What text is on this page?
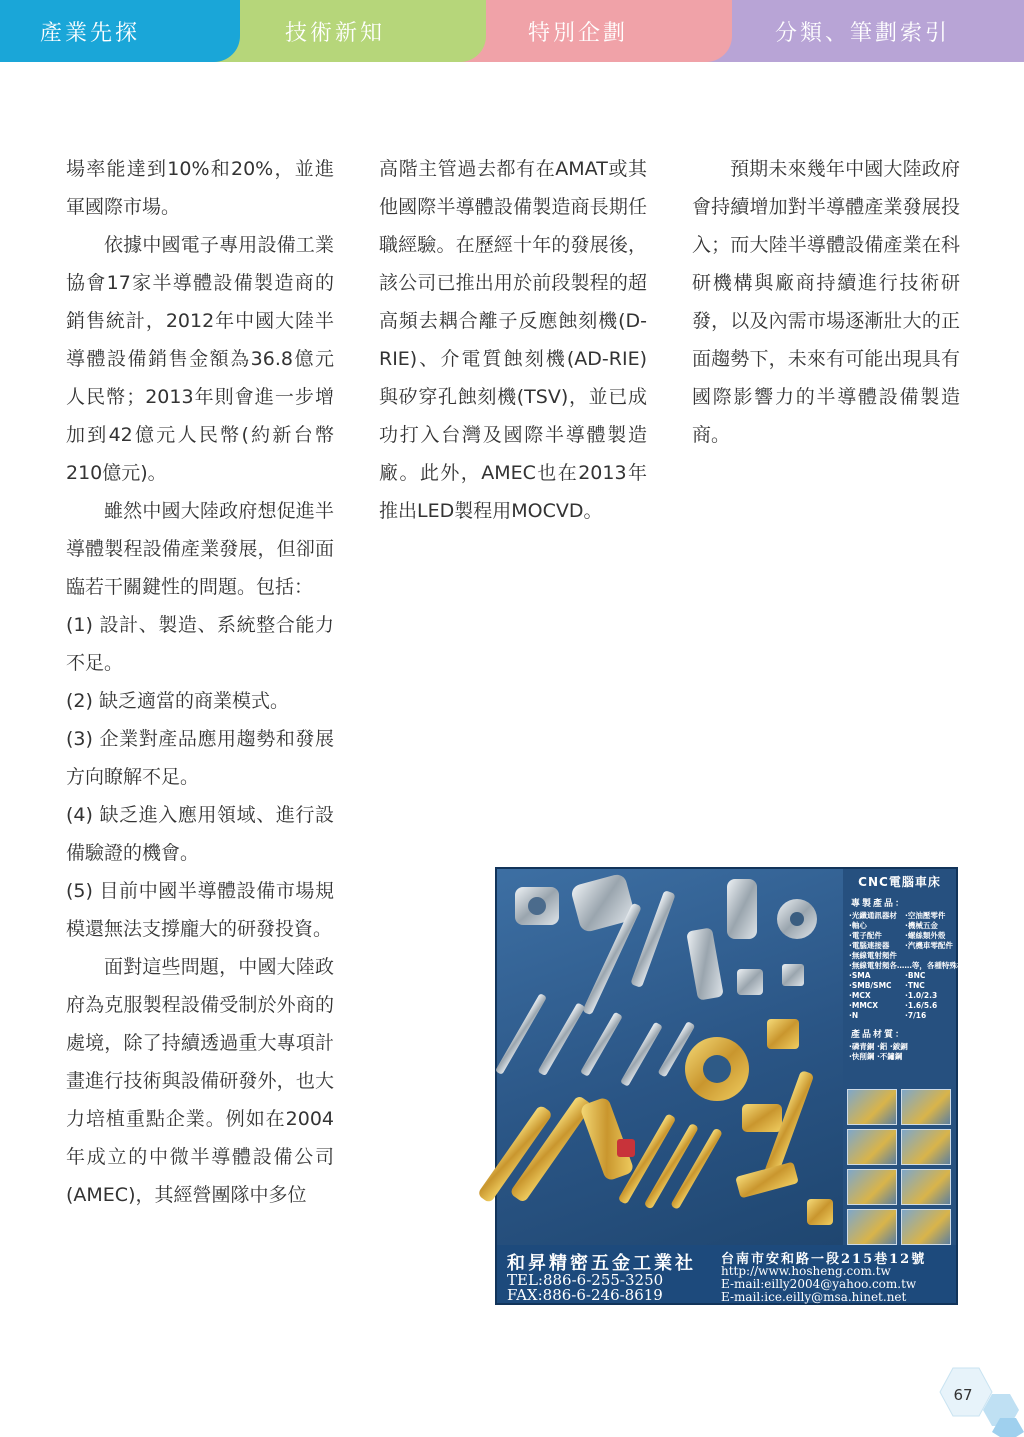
分類、筆劃索引
特別企劃
技術新知
產業先探

場率能達到10%和20%，並進軍國際市場。

依據中國電子專用設備工業協會17家半導體設備製造商的銷售統計，2012年中國大陸半導體設備銷售金額為36.8億元人民幣；2013年則會進一步增加到42億元人民幣(約新台幣210億元)。

雖然中國大陸政府想促進半導體製程設備產業發展，但卻面臨若干關鍵性的問題。包括：

(1) 設計、製造、系統整合能力不足。

(2) 缺乏適當的商業模式。

(3) 企業對產品應用趨勢和發展方向瞭解不足。

(4) 缺乏進入應用領域、進行設備驗證的機會。

(5) 目前中國半導體設備市場規模還無法支撐龐大的研發投資。

面對這些問題，中國大陸政府為克服製程設備受制於外商的處境，除了持續透過重大專項計畫進行技術與設備研發外，也大力培植重點企業。例如在2004年成立的中微半導體設備公司(AMEC)，其經營團隊中多位

高階主管過去都有在AMAT或其他國際半導體設備製造商長期任職經驗。在歷經十年的發展後，該公司已推出用於前段製程的超高頻去耦合離子反應蝕刻機(D-RIE)、介電質蝕刻機(AD-RIE)與矽穿孔蝕刻機(TSV)，並已成功打入台灣及國際半導體製造廠。此外，AMEC也在2013年推出LED製程用MOCVD。

預期未來幾年中國大陸政府會持續增加對半導體產業發展投入；而大陸半導體設備產業在科研機構與廠商持續進行技術研發，以及內需市場逐漸壯大的正面趨勢下，未來有可能出現具有國際影響力的半導體設備製造商。

CNC電腦車床
專製產品：
·光纖通訊器材	·空油壓零件
·軸心	·機械五金
·電子配件	·螺絲類外殼
·電腦連接器	·汽機車零配件
·無線電射頻件
·無線電射頻各……等，各種特殊材質
·SMA	·BNC
·SMB/SMC	·TNC
·MCX	·1.0/2.3
·MMCX	·1.6/5.6
·N	·7/16
產品材質：
·磷青銅 ·鋁 ·鈹銅
·快削鋼 ·不鏽鋼
和昇精密五金工業社
TEL:886-6-255-3250
FAX:886-6-246-8619
台南市安和路一段215巷12號
http://www.hosheng.com.tw
E-mail:eilly2004@yahoo.com.tw
E-mail:ice.eilly@msa.hinet.net
67
